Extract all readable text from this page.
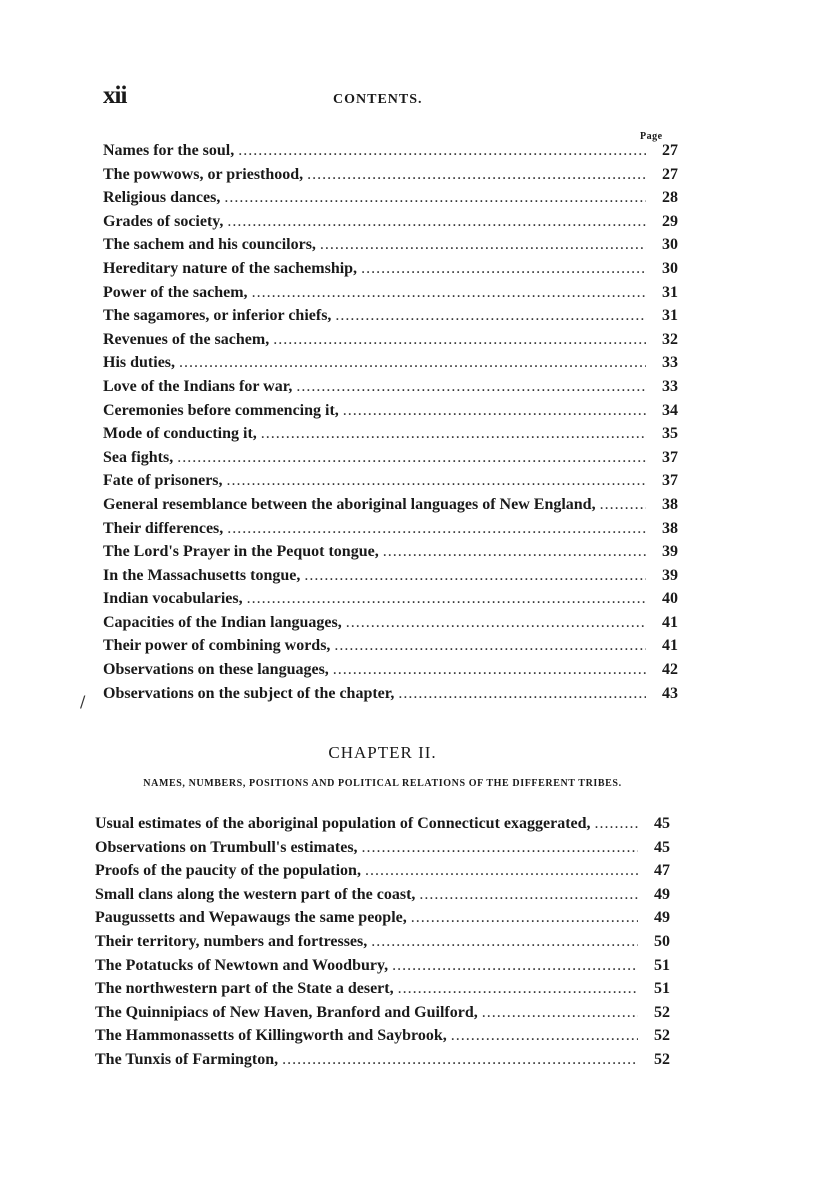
xii	CONTENTS.
Page
Names for the soul, .....	27
The powwows, or priesthood, .....	27
Religious dances, .....	28
Grades of society, .....	29
The sachem and his councilors, .....	30
Hereditary nature of the sachemship, .....	30
Power of the sachem, .....	31
The sagamores, or inferior chiefs, .....	31
Revenues of the sachem, .....	32
His duties, .....	33
Love of the Indians for war, .....	33
Ceremonies before commencing it, .....	34
Mode of conducting it, .....	35
Sea fights, .....	37
Fate of prisoners, .....	37
General resemblance between the aboriginal languages of New England, .....	38
Their differences, .....	38
The Lord's Prayer in the Pequot tongue, .....	39
In the Massachusetts tongue, .....	39
Indian vocabularies, .....	40
Capacities of the Indian languages, .....	41
Their power of combining words, .....	41
Observations on these languages, .....	42
Observations on the subject of the chapter, .....	43
/
CHAPTER II.
NAMES, NUMBERS, POSITIONS AND POLITICAL RELATIONS OF THE DIFFERENT TRIBES.
Usual estimates of the aboriginal population of Connecticut exaggerated, .....	45
Observations on Trumbull's estimates, .....	45
Proofs of the paucity of the population, .....	47
Small clans along the western part of the coast, .....	49
Paugussetts and Wepawaugs the same people, .....	49
Their territory, numbers and fortresses, .....	50
The Potatucks of Newtown and Woodbury, .....	51
The northwestern part of the State a desert, .....	51
The Quinnipiacs of New Haven, Branford and Guilford, .....	52
The Hammonassetts of Killingworth and Saybrook, .....	52
The Tunxis of Farmington, .....	52
